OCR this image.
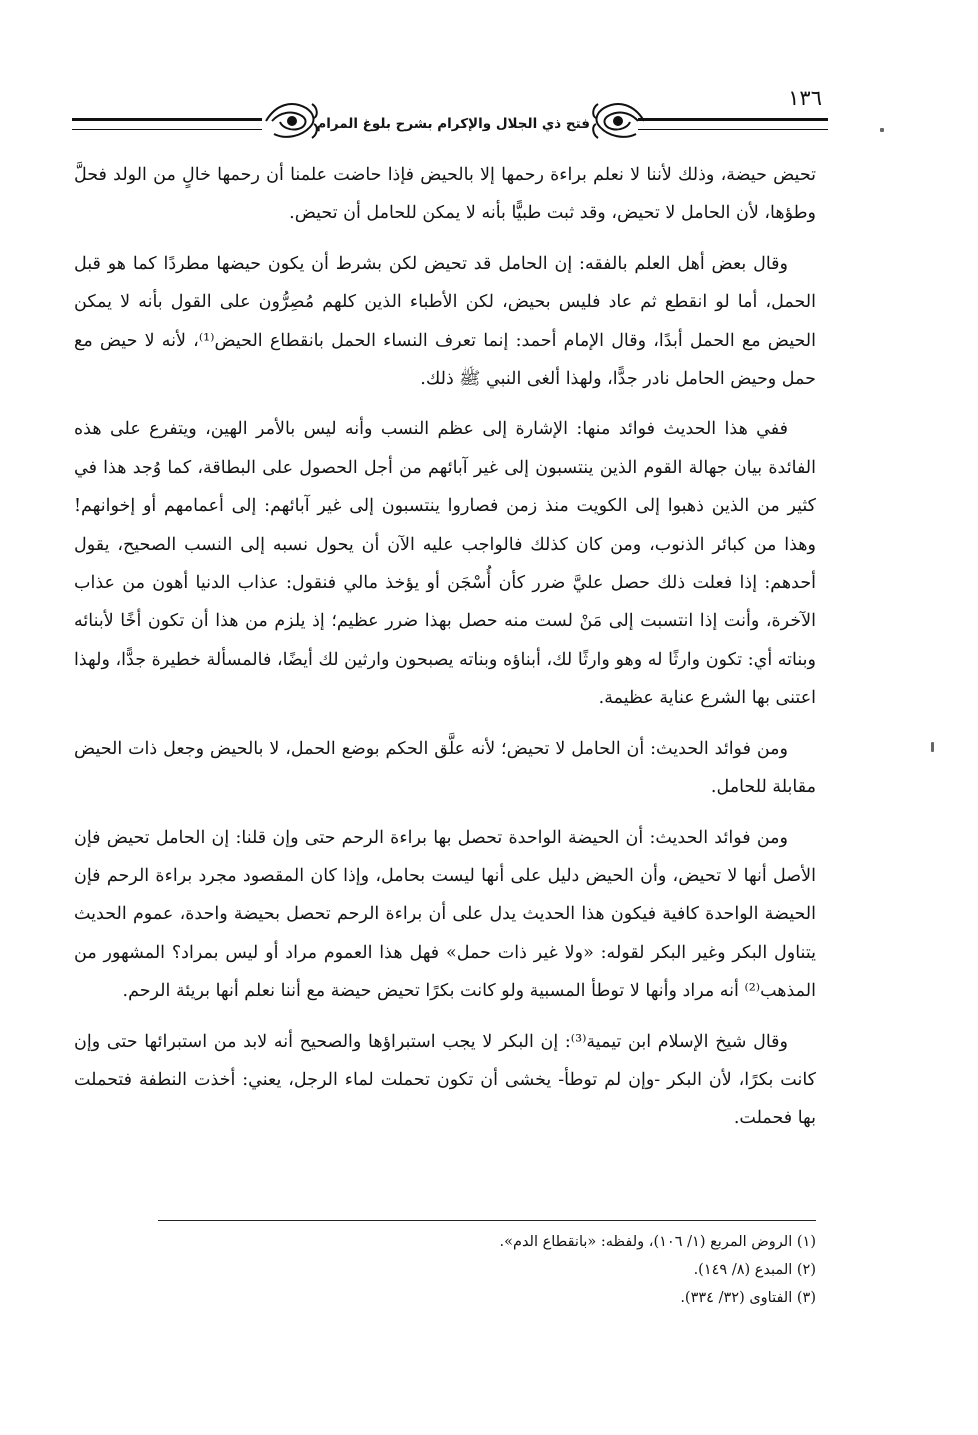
فتح ذي الجلال والإكرام بشرح بلوغ المرام
١٣٦

تحيض حيضة، وذلك لأننا لا نعلم براءة رحمها إلا بالحيض فإذا حاضت علمنا أن رحمها خالٍ من الولد فحلَّ وطؤها، لأن الحامل لا تحيض، وقد ثبت طبيًّا بأنه لا يمكن للحامل أن تحيض.

وقال بعض أهل العلم بالفقه: إن الحامل قد تحيض لكن بشرط أن يكون حيضها مطردًا كما هو قبل الحمل، أما لو انقطع ثم عاد فليس بحيض، لكن الأطباء الذين كلهم مُصِرُّون على القول بأنه لا يمكن الحيض مع الحمل أبدًا، وقال الإمام أحمد: إنما تعرف النساء الحمل بانقطاع الحيض⁽¹⁾، لأنه لا حيض مع حمل وحيض الحامل نادر جدًّا، ولهذا ألغى النبي ﷺ ذلك.

ففي هذا الحديث فوائد منها: الإشارة إلى عظم النسب وأنه ليس بالأمر الهين، ويتفرع على هذه الفائدة بيان جهالة القوم الذين ينتسبون إلى غير آبائهم من أجل الحصول على البطاقة، كما وُجد هذا في كثير من الذين ذهبوا إلى الكويت منذ زمن فصاروا ينتسبون إلى غير آبائهم: إلى أعمامهم أو إخوانهم! وهذا من كبائر الذنوب، ومن كان كذلك فالواجب عليه الآن أن يحول نسبه إلى النسب الصحيح، يقول أحدهم: إذا فعلت ذلك حصل عليَّ ضرر كأن أُسْجَن أو يؤخذ مالي فنقول: عذاب الدنيا أهون من عذاب الآخرة، وأنت إذا انتسبت إلى مَنْ لست منه حصل بهذا ضرر عظيم؛ إذ يلزم من هذا أن تكون أخًا لأبنائه وبناته أي: تكون وارثًا له وهو وارثًا لك، أبناؤه وبناته يصبحون وارثين لك أيضًا، فالمسألة خطيرة جدًّا، ولهذا اعتنى بها الشرع عناية عظيمة.

ومن فوائد الحديث: أن الحامل لا تحيض؛ لأنه علَّق الحكم بوضع الحمل، لا بالحيض وجعل ذات الحيض مقابلة للحامل.

ومن فوائد الحديث: أن الحيضة الواحدة تحصل بها براءة الرحم حتى وإن قلنا: إن الحامل تحيض فإن الأصل أنها لا تحيض، وأن الحيض دليل على أنها ليست بحامل، وإذا كان المقصود مجرد براءة الرحم فإن الحيضة الواحدة كافية فيكون هذا الحديث يدل على أن براءة الرحم تحصل بحيضة واحدة، عموم الحديث يتناول البكر وغير البكر لقوله: «ولا غير ذات حمل» فهل هذا العموم مراد أو ليس بمراد؟ المشهور من المذهب⁽²⁾ أنه مراد وأنها لا توطأ المسبية ولو كانت بكرًا تحيض حيضة مع أننا نعلم أنها بريئة الرحم.

وقال شيخ الإسلام ابن تيمية⁽³⁾: إن البكر لا يجب استبراؤها والصحيح أنه لابد من استبرائها حتى وإن كانت بكرًا، لأن البكر -وإن لم توطأ- يخشى أن تكون تحملت لماء الرجل، يعني: أخذت النطفة فتحملت بها فحملت.

(١) الروض المربع (١/ ١٠٦)، ولفظه: «بانقطاع الدم».
(٢) المبدع (٨/ ١٤٩).
(٣) الفتاوى (٣٢/ ٣٣٤).
